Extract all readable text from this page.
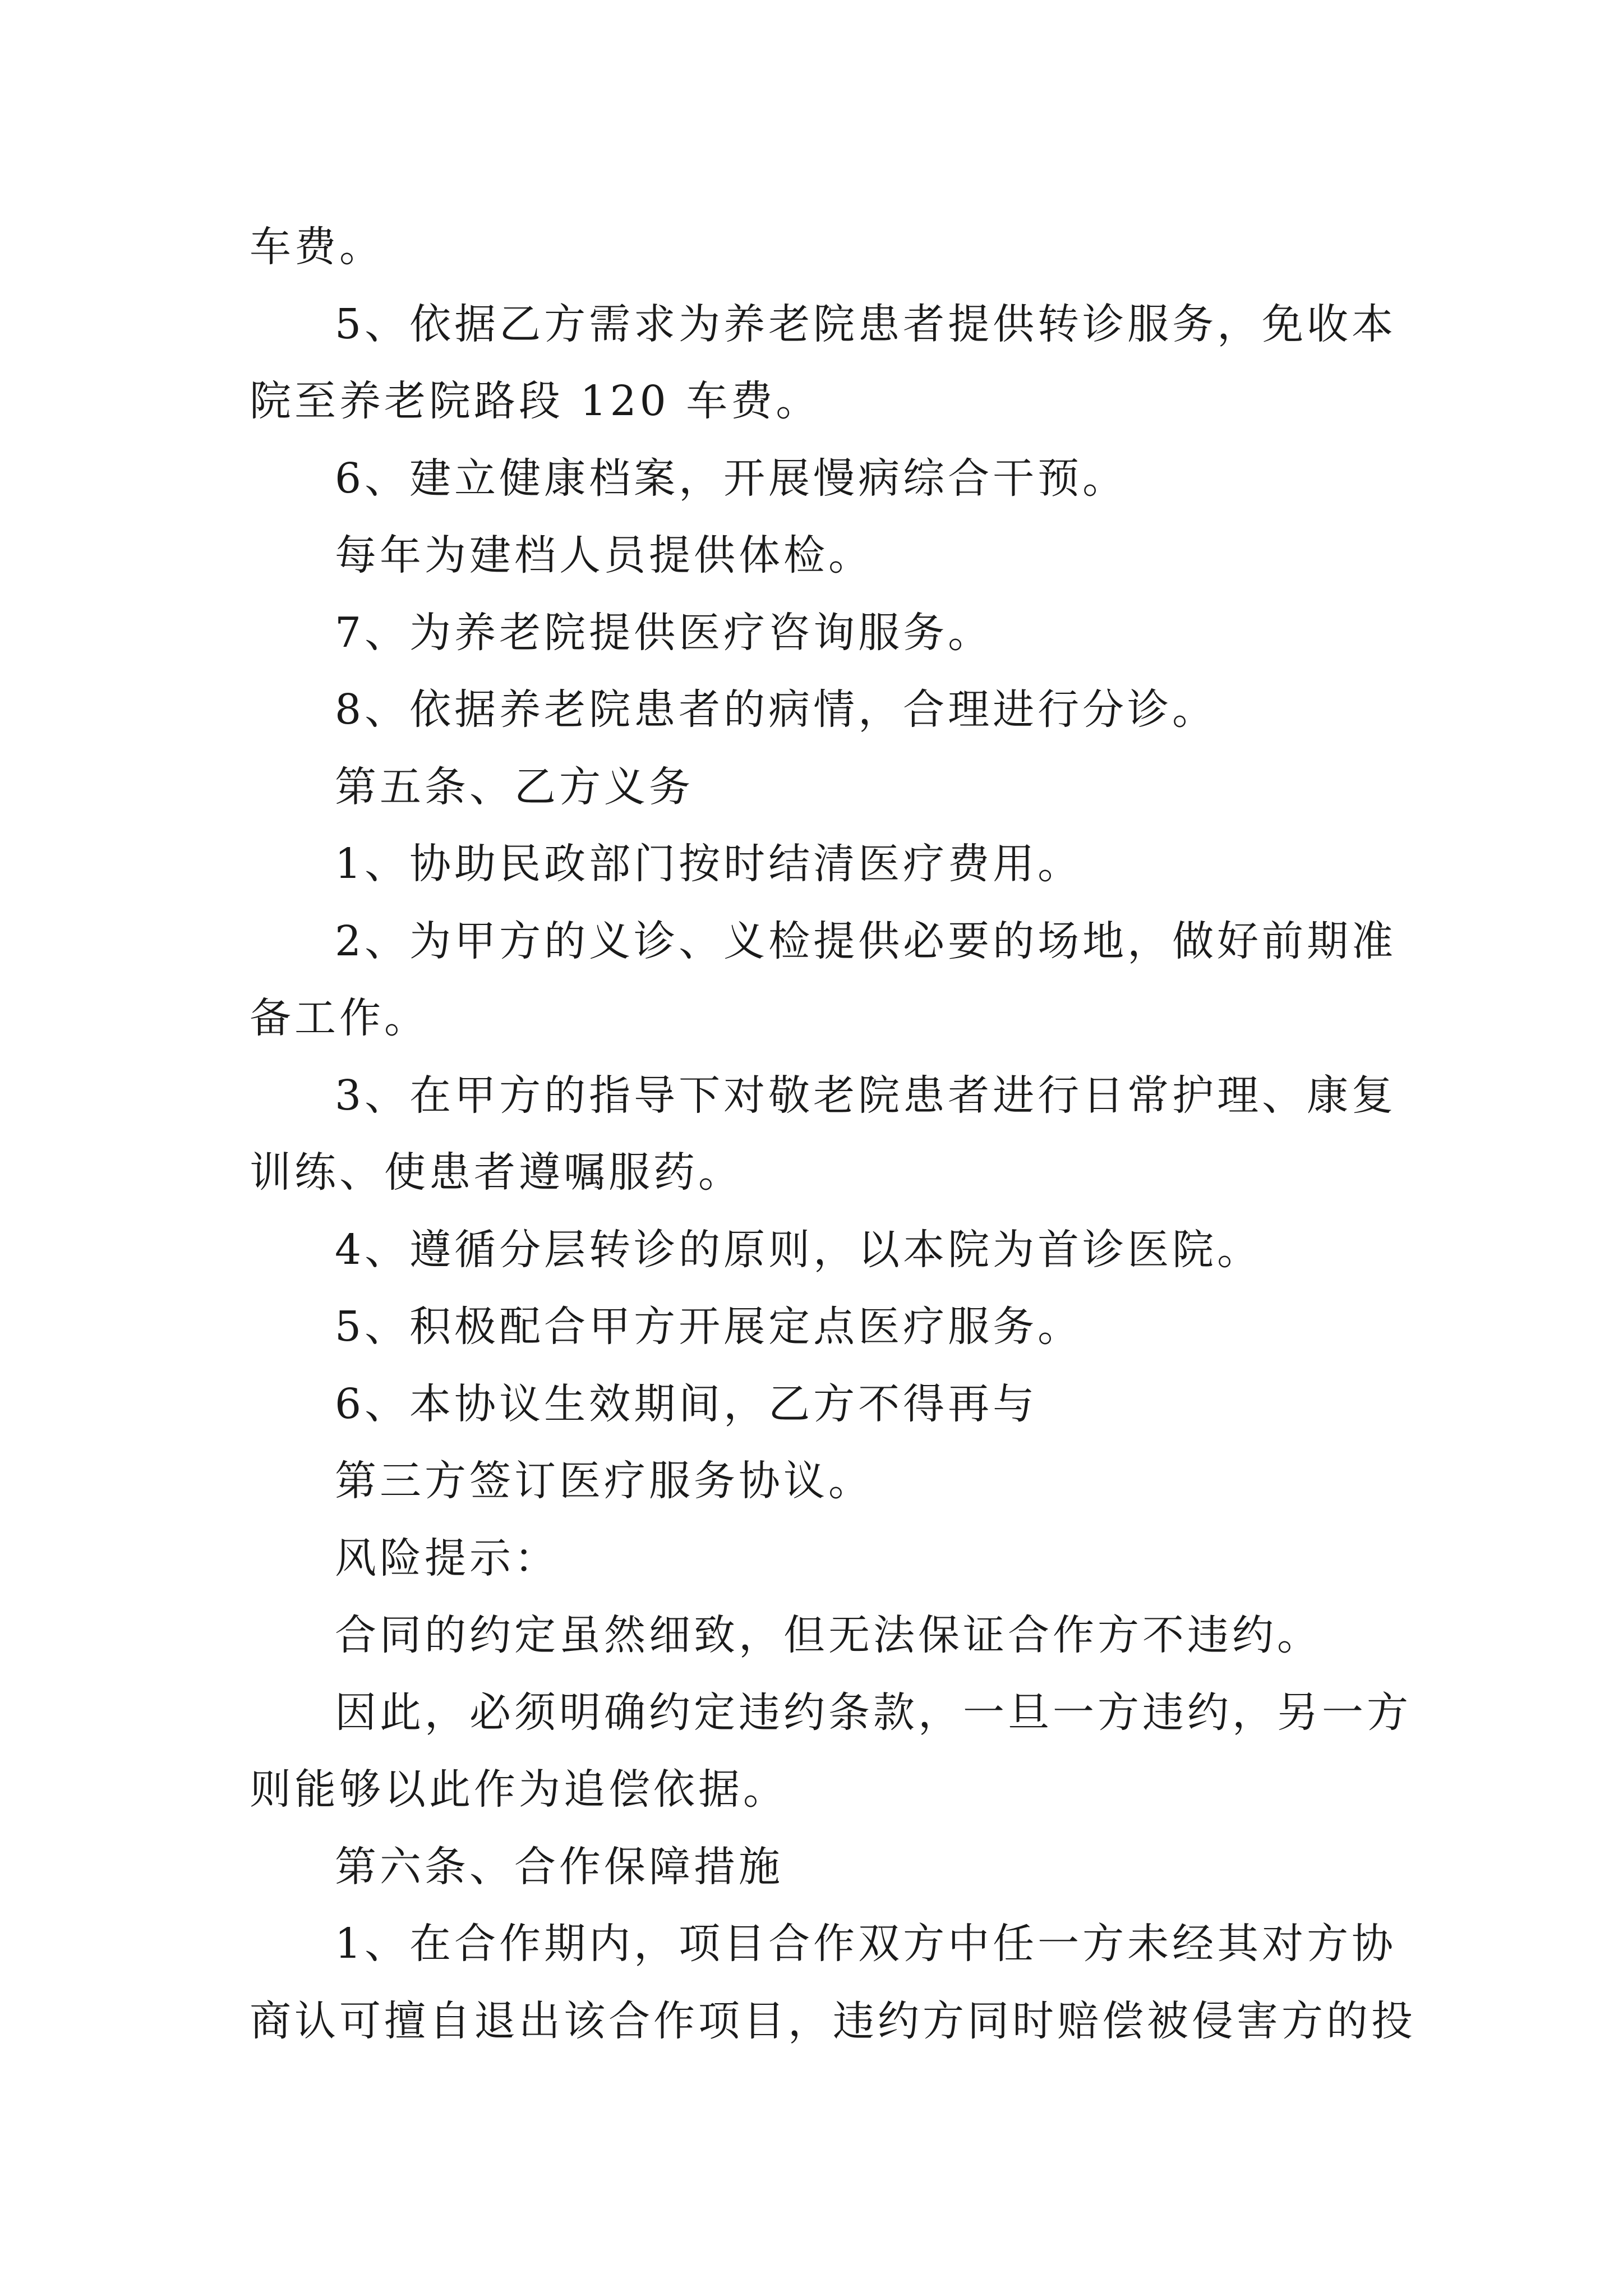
车费。
5、依据乙方需求为养老院患者提供转诊服务，免收本
院至养老院路段 120 车费。
6、建立健康档案，开展慢病综合干预。
每年为建档人员提供体检。
7、为养老院提供医疗咨询服务。
8、依据养老院患者的病情，合理进行分诊。
第五条、乙方义务
1、协助民政部门按时结清医疗费用。
2、为甲方的义诊、义检提供必要的场地，做好前期准
备工作。
3、在甲方的指导下对敬老院患者进行日常护理、康复
训练、使患者遵嘱服药。
4、遵循分层转诊的原则，以本院为首诊医院。
5、积极配合甲方开展定点医疗服务。
6、本协议生效期间，乙方不得再与
第三方签订医疗服务协议。
风险提示：
合同的约定虽然细致，但无法保证合作方不违约。
因此，必须明确约定违约条款，一旦一方违约，另一方
则能够以此作为追偿依据。
第六条、合作保障措施
1、在合作期内，项目合作双方中任一方未经其对方协
商认可擅自退出该合作项目，违约方同时赔偿被侵害方的投
